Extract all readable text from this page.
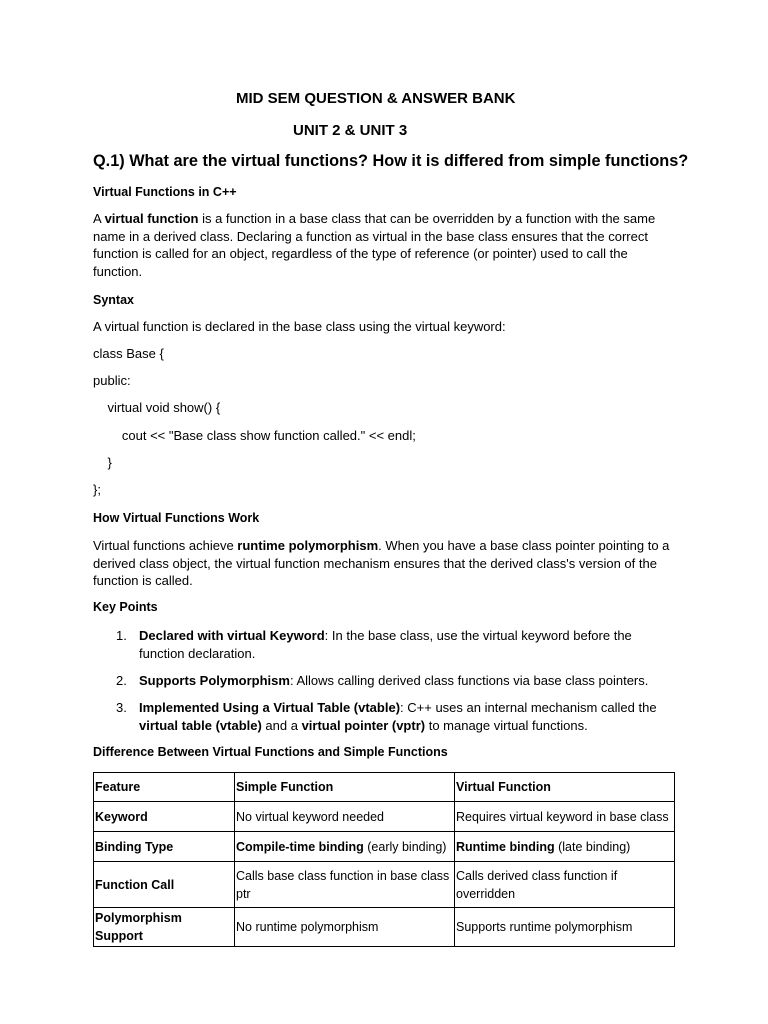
MID SEM QUESTION & ANSWER BANK
UNIT 2 & UNIT 3
Q.1) What are the virtual functions? How it is differed from simple functions?
Virtual Functions in C++
A virtual function is a function in a base class that can be overridden by a function with the same name in a derived class. Declaring a function as virtual in the base class ensures that the correct function is called for an object, regardless of the type of reference (or pointer) used to call the function.
Syntax
A virtual function is declared in the base class using the virtual keyword:
class Base {
public:
virtual void show() {
cout << "Base class show function called." << endl;
}
};
How Virtual Functions Work
Virtual functions achieve runtime polymorphism. When you have a base class pointer pointing to a derived class object, the virtual function mechanism ensures that the derived class's version of the function is called.
Key Points
1. Declared with virtual Keyword: In the base class, use the virtual keyword before the function declaration.
2. Supports Polymorphism: Allows calling derived class functions via base class pointers.
3. Implemented Using a Virtual Table (vtable): C++ uses an internal mechanism called the virtual table (vtable) and a virtual pointer (vptr) to manage virtual functions.
Difference Between Virtual Functions and Simple Functions
Feature	Simple Function	Virtual Function
Keyword	No virtual keyword needed	Requires virtual keyword in base class
Binding Type	Compile-time binding (early binding)	Runtime binding (late binding)
Function Call	Calls base class function in base class ptr	Calls derived class function if overridden
Polymorphism Support	No runtime polymorphism	Supports runtime polymorphism
